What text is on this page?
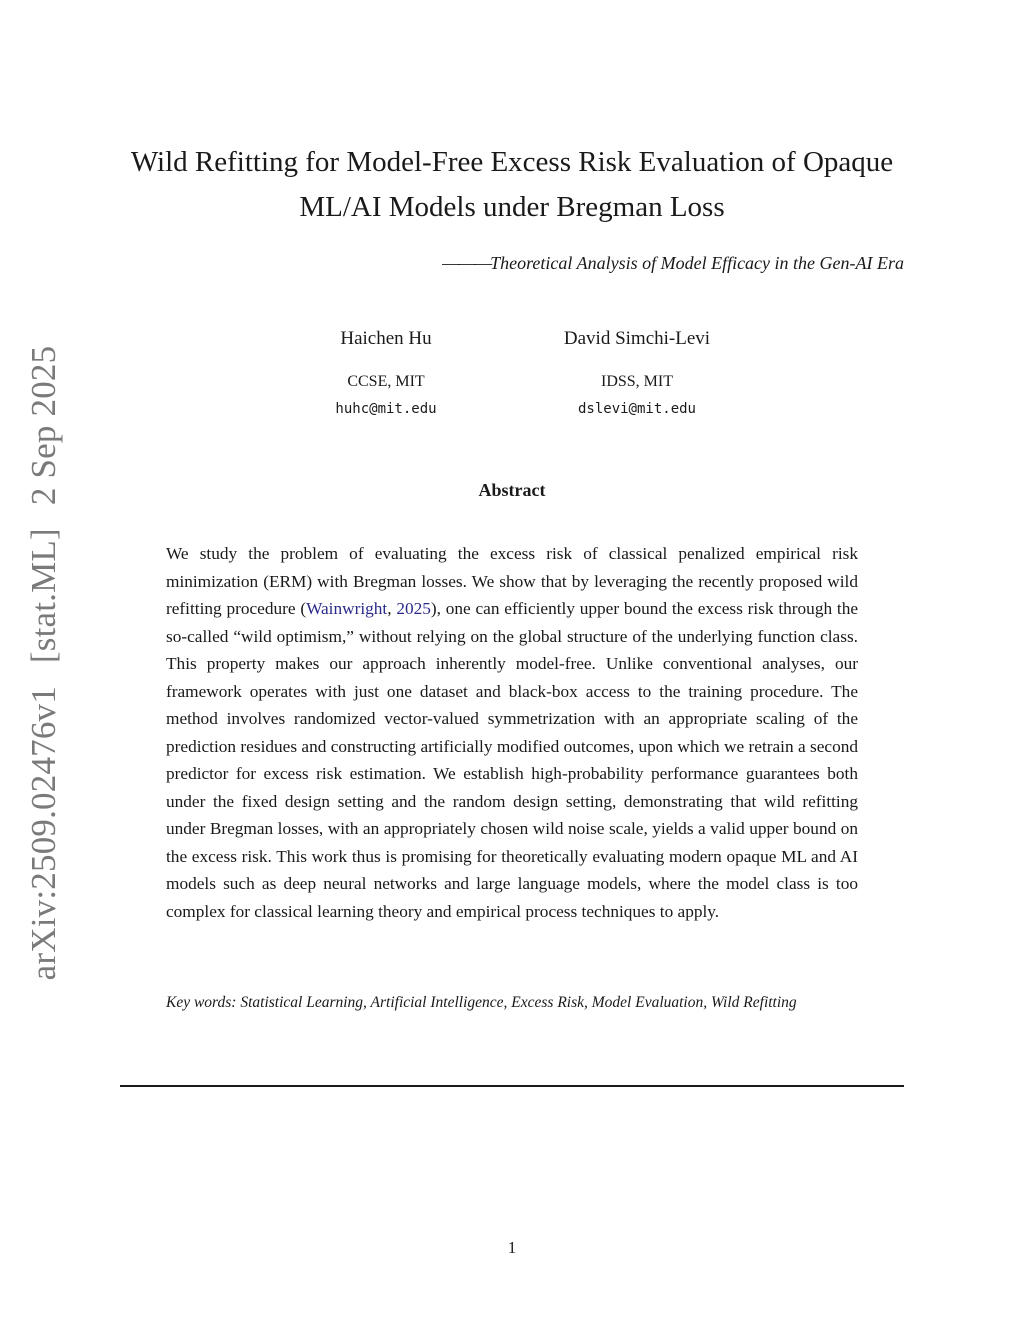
arXiv:2509.02476v1 [stat.ML] 2 Sep 2025
Wild Refitting for Model-Free Excess Risk Evaluation of Opaque
ML/AI Models under Bregman Loss
———Theoretical Analysis of Model Efficacy in the Gen-AI Era
Haichen Hu
CCSE, MIT
huhc@mit.edu
David Simchi-Levi
IDSS, MIT
dslevi@mit.edu
Abstract

We study the problem of evaluating the excess risk of classical penalized empirical risk minimization (ERM) with Bregman losses. We show that by leveraging the recently proposed wild refitting procedure (Wainwright, 2025), one can efficiently upper bound the excess risk through the so-called “wild optimism,” without relying on the global structure of the underlying function class. This property makes our approach inherently model-free. Unlike conventional analyses, our framework operates with just one dataset and black-box access to the training procedure. The method involves randomized vector-valued symmetrization with an appropriate scaling of the prediction residues and constructing artificially modified outcomes, upon which we retrain a second predictor for excess risk estimation. We establish high-probability performance guarantees both under the fixed design setting and the random design setting, demonstrating that wild refitting under Bregman losses, with an appropriately chosen wild noise scale, yields a valid upper bound on the excess risk. This work thus is promising for theoretically evaluating modern opaque ML and AI models such as deep neural networks and large language models, where the model class is too complex for classical learning theory and empirical process techniques to apply.

Key words: Statistical Learning, Artificial Intelligence, Excess Risk, Model Evaluation, Wild Refitting

1
